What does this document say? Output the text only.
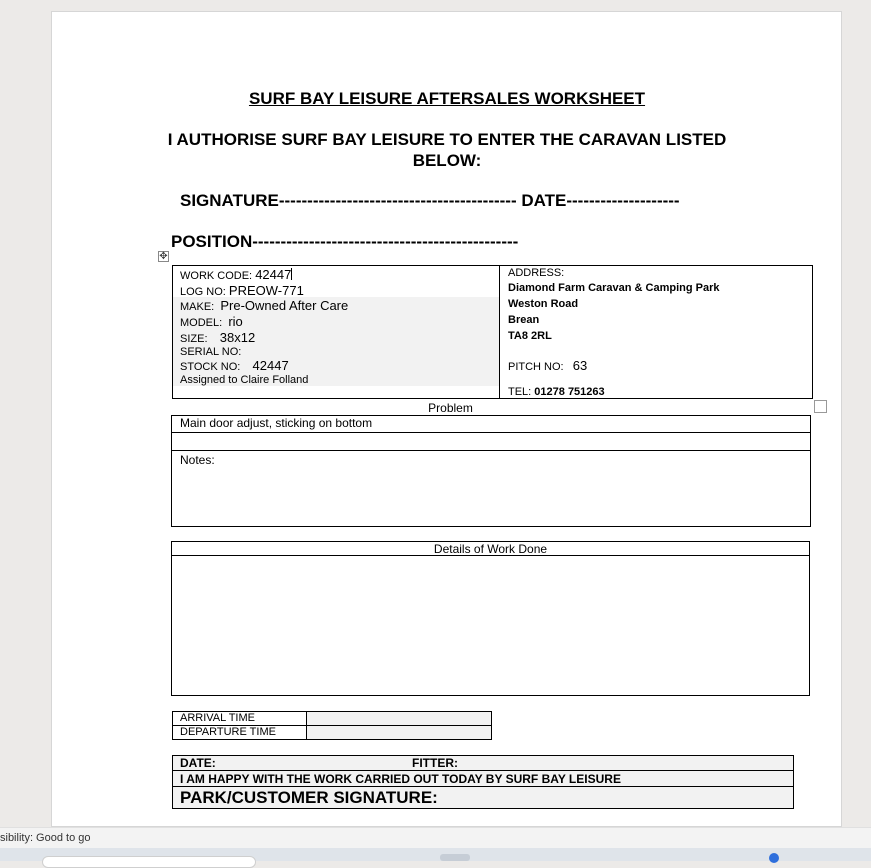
SURF BAY LEISURE AFTERSALES WORKSHEET
I AUTHORISE SURF BAY LEISURE TO ENTER THE CARAVAN LISTED BELOW:
SIGNATURE------------------------------------------ DATE--------------------
POSITION-----------------------------------------------
✥
WORK CODE: 42447
LOG NO: PREOW-771
MAKE: Pre-Owned After Care
MODEL: rio
SIZE: 38x12
SERIAL NO:
STOCK NO: 42447
Assigned to Claire Folland
ADDRESS:
Diamond Farm Caravan & Camping Park
Weston Road
Brean
TA8 2RL
PITCH NO: 63
TEL: 01278 751263
Problem
Main door adjust, sticking on bottom
Notes:
Details of Work Done
ARRIVAL TIME
DEPARTURE TIME
DATE:	FITTER:
I AM HAPPY WITH THE WORK CARRIED OUT TODAY BY SURF BAY LEISURE
PARK/CUSTOMER SIGNATURE:
sibility: Good to go
